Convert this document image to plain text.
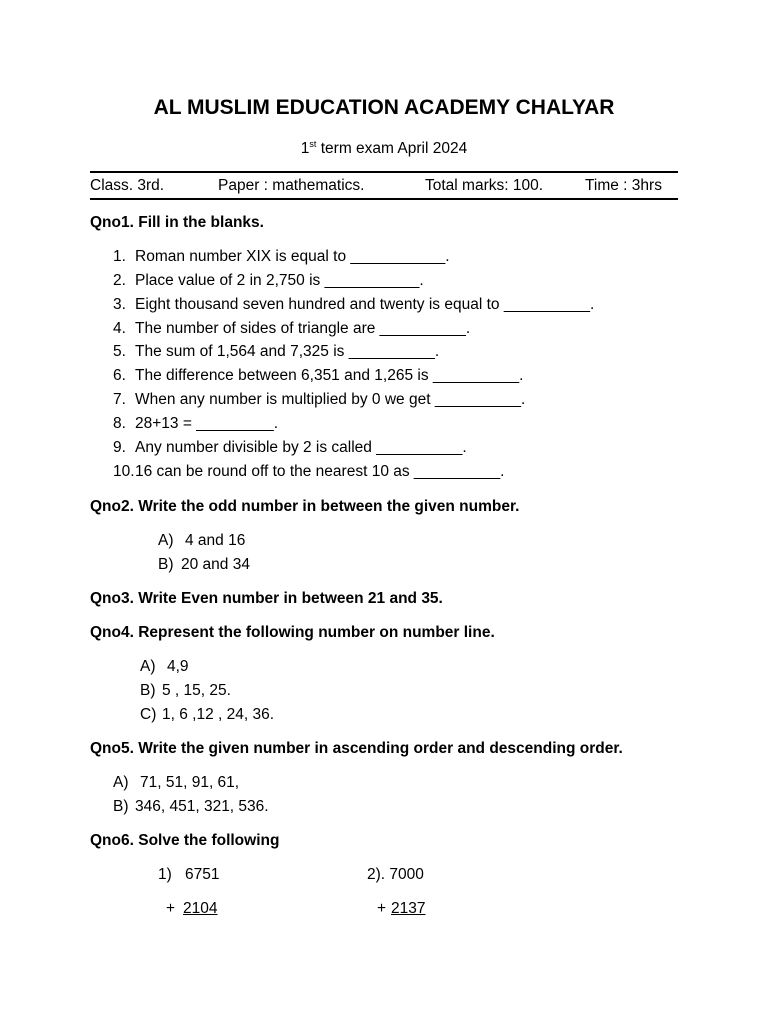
AL MUSLIM EDUCATION ACADEMY CHALYAR
1st term exam April 2024
Class. 3rd.	Paper : mathematics.	Total marks: 100.	Time : 3hrs
Qno1. Fill in the blanks.
1. Roman number XIX is equal to ___________.
2. Place value of 2 in 2,750 is ___________.
3. Eight thousand seven hundred and twenty is equal to __________.
4. The number of sides of triangle are __________.
5. The sum of 1,564 and 7,325 is __________.
6. The difference between 6,351 and 1,265 is __________.
7. When any number is multiplied by 0 we get __________.
8. 28+13 = _________.
9. Any number divisible by 2 is called __________.
10. 16 can be round off to the nearest 10 as __________.
Qno2. Write the odd number in between the given number.
A) 4 and 16
B) 20 and 34
Qno3. Write Even number in between 21 and 35.
Qno4. Represent the following number on number line.
A) 4,9
B) 5 , 15, 25.
C) 1, 6 ,12 , 24, 36.
Qno5. Write the given number in ascending order and descending order.
A) 71, 51, 91, 61,
B) 346, 451, 321, 536.
Qno6. Solve the following
1) 6751
+ 2104
2). 7000
+ 2137
